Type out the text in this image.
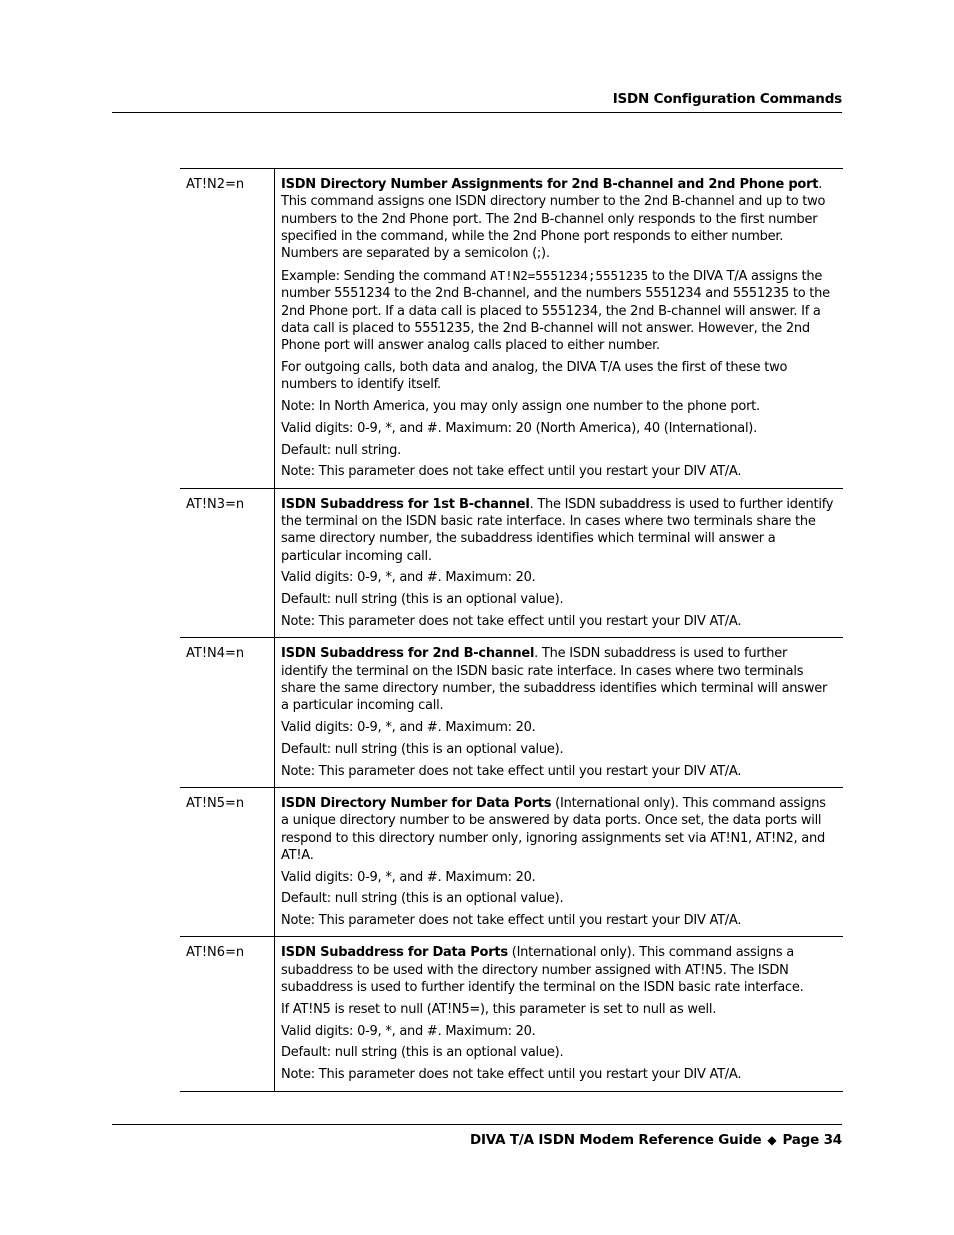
ISDN Configuration Commands
AT!N2=n	ISDN Directory Number Assignments for 2nd B-channel and 2nd Phone port. This command assigns one ISDN directory number to the 2nd B-channel and up to two numbers to the 2nd Phone port. The 2nd B-channel only responds to the first number specified in the command, while the 2nd Phone port responds to either number. Numbers are separated by a semicolon (;).

Example: Sending the command AT!N2=5551234;5551235 to the DIVA T/A assigns the number 5551234 to the 2nd B-channel, and the numbers 5551234 and 5551235 to the 2nd Phone port. If a data call is placed to 5551234, the 2nd B-channel will answer. If a data call is placed to 5551235, the 2nd B-channel will not answer. However, the 2nd Phone port will answer analog calls placed to either number.

For outgoing calls, both data and analog, the DIVA T/A uses the first of these two numbers to identify itself.

Note: In North America, you may only assign one number to the phone port.

Valid digits: 0-9, *, and #. Maximum: 20 (North America), 40 (International).

Default: null string.

Note: This parameter does not take effect until you restart your DIV AT/A.

AT!N3=n	ISDN Subaddress for 1st B-channel. The ISDN subaddress is used to further identify the terminal on the ISDN basic rate interface. In cases where two terminals share the same directory number, the subaddress identifies which terminal will answer a particular incoming call.

Valid digits: 0-9, *, and #. Maximum: 20.

Default: null string (this is an optional value).

Note: This parameter does not take effect until you restart your DIV AT/A.

AT!N4=n	ISDN Subaddress for 2nd B-channel. The ISDN subaddress is used to further identify the terminal on the ISDN basic rate interface. In cases where two terminals share the same directory number, the subaddress identifies which terminal will answer a particular incoming call.

Valid digits: 0-9, *, and #. Maximum: 20.

Default: null string (this is an optional value).

Note: This parameter does not take effect until you restart your DIV AT/A.

AT!N5=n	ISDN Directory Number for Data Ports (International only). This command assigns a unique directory number to be answered by data ports. Once set, the data ports will respond to this directory number only, ignoring assignments set via AT!N1, AT!N2, and AT!A.

Valid digits: 0-9, *, and #. Maximum: 20.

Default: null string (this is an optional value).

Note: This parameter does not take effect until you restart your DIV AT/A.

AT!N6=n	ISDN Subaddress for Data Ports (International only). This command assigns a subaddress to be used with the directory number assigned with AT!N5. The ISDN subaddress is used to further identify the terminal on the ISDN basic rate interface.

If AT!N5 is reset to null (AT!N5=), this parameter is set to null as well.

Valid digits: 0-9, *, and #. Maximum: 20.

Default: null string (this is an optional value).

Note: This parameter does not take effect until you restart your DIV AT/A.

DIVA T/A ISDN Modem Reference Guide ◆ Page 34
